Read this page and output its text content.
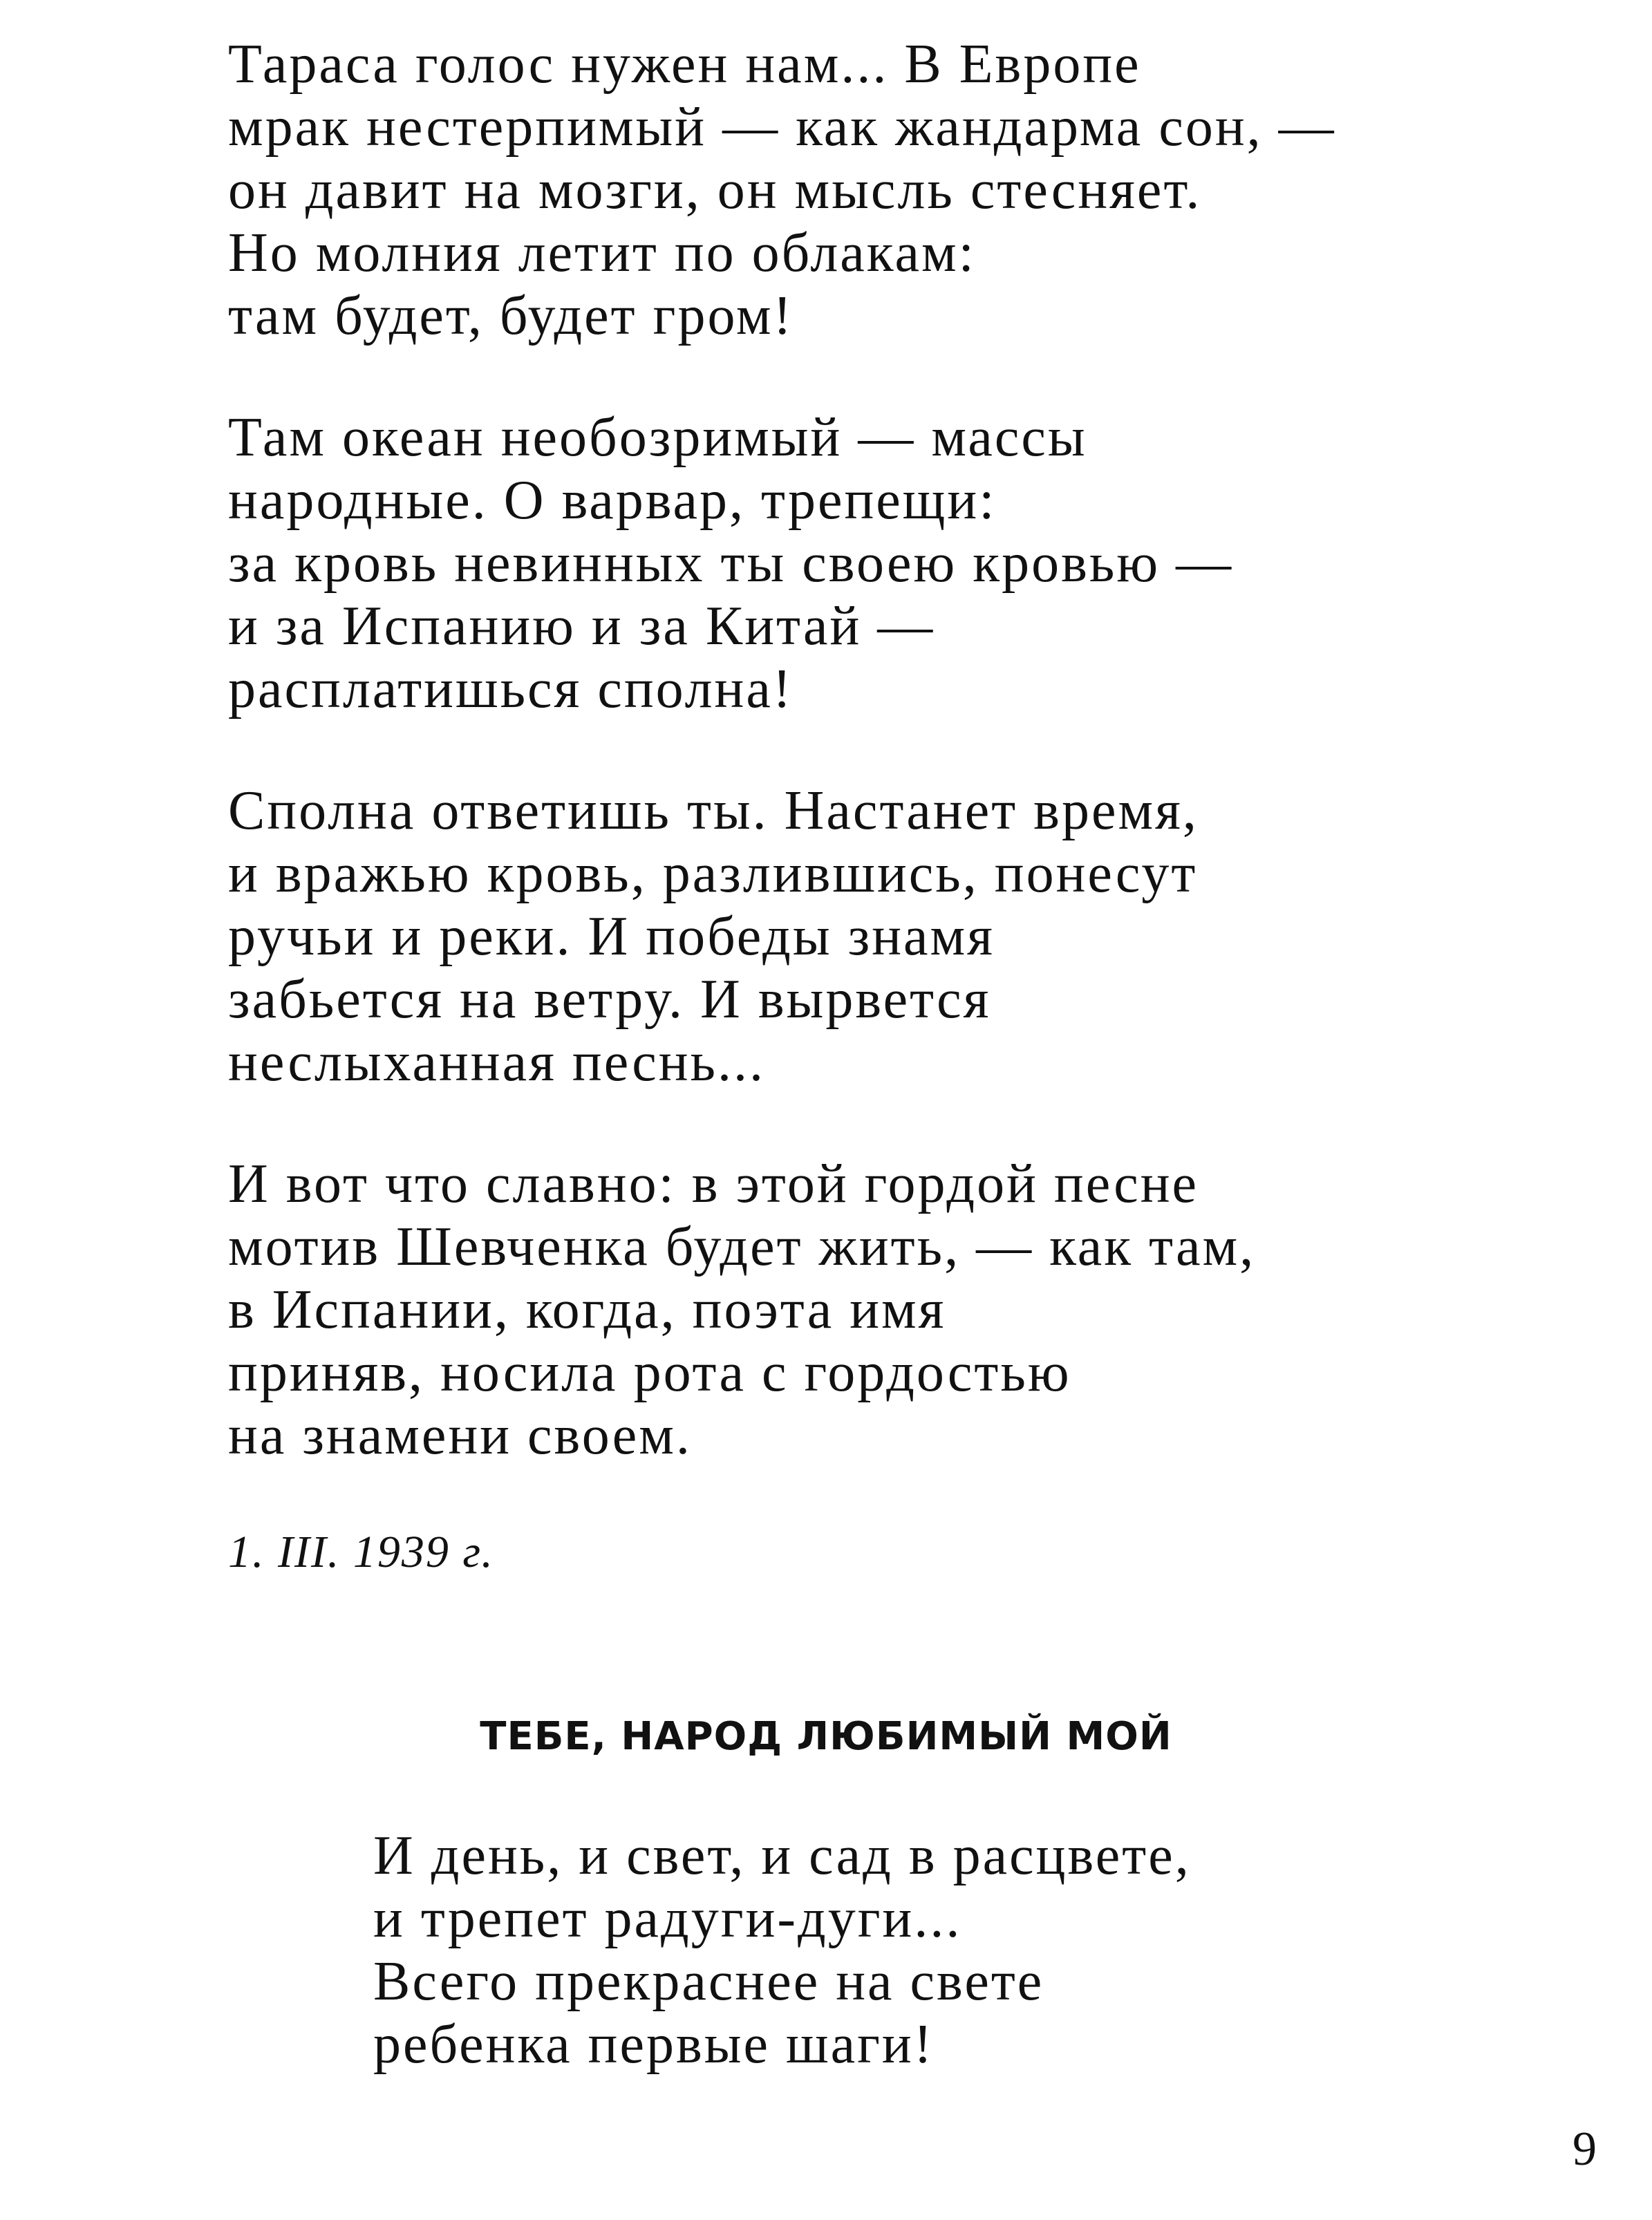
Тараса голос нужен нам... В Европе
мрак нестерпимый — как жандарма сон, —
он давит на мозги, он мысль стесняет.
Но молния летит по облакам:
там будет, будет гром!
Там океан необозримый — массы
народные. О варвар, трепещи:
за кровь невинных ты своею кровью —
и за Испанию и за Китай —
расплатишься сполна!
Сполна ответишь ты. Настанет время,
и вражью кровь, разлившись, понесут
ручьи и реки. И победы знамя
забьется на ветру. И вырвется
неслыханная песнь...
И вот что славно: в этой гордой песне
мотив Шевченка будет жить, — как там,
в Испании, когда, поэта имя
приняв, носила рота с гордостью
на знамени своем.
1. III. 1939 г.
ТЕБЕ, НАРОД ЛЮБИМЫЙ МОЙ
И день, и свет, и сад в расцвете,
и трепет радуги-дуги...
Всего прекраснее на свете
ребенка первые шаги!
9
